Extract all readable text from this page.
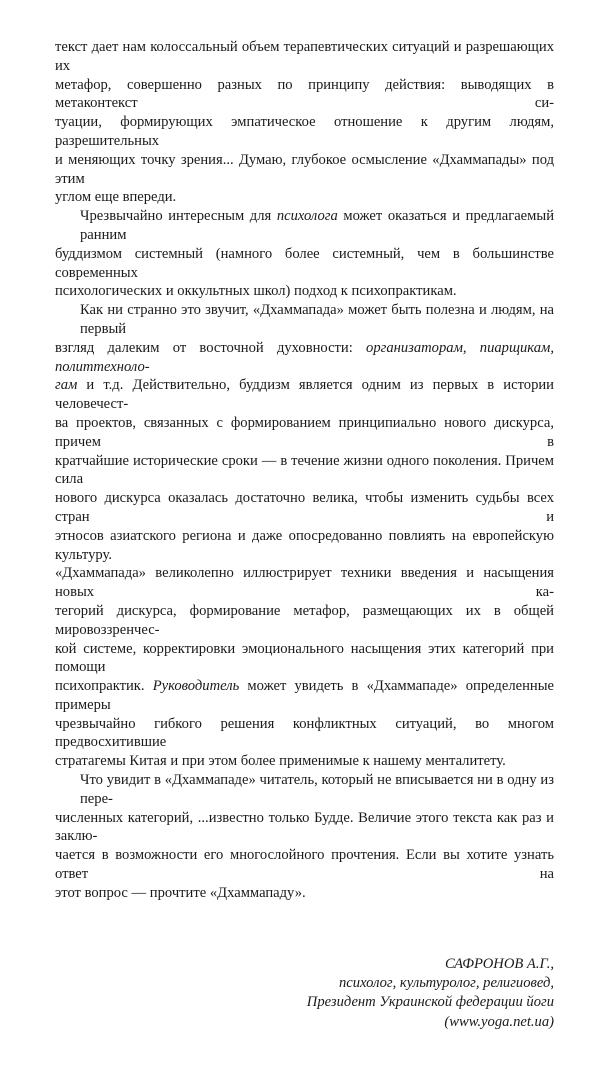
текст дает нам колоссальный объем терапевтических ситуаций и разрешающих их
метафор, совершенно разных по принципу действия: выводящих в метаконтекст си-
туации, формирующих эмпатическое отношение к другим людям, разрешительных
и меняющих точку зрения... Думаю, глубокое осмысление «Дхаммапады» под этим
углом еще впереди.
Чрезвычайно интересным для психолога может оказаться и предлагаемый ранним
буддизмом системный (намного более системный, чем в большинстве современных
психологических и оккультных школ) подход к психопрактикам.
Как ни странно это звучит, «Дхаммапада» может быть полезна и людям, на первый
взгляд далеким от восточной духовности: организаторам, пиарщикам, политтехноло-
гам и т.д. Действительно, буддизм является одним из первых в истории человечест-
ва проектов, связанных с формированием принципиально нового дискурса, причем в
кратчайшие исторические сроки — в течение жизни одного поколения. Причем сила
нового дискурса оказалась достаточно велика, чтобы изменить судьбы всех стран и
этносов азиатского региона и даже опосредованно повлиять на европейскую культуру.
«Дхаммапада» великолепно иллюстрирует техники введения и насыщения новых ка-
тегорий дискурса, формирование метафор, размещающих их в общей мировоззренчес-
кой системе, корректировки эмоционального насыщения этих категорий при помощи
психопрактик. Руководитель может увидеть в «Дхаммападе» определенные примеры
чрезвычайно гибкого решения конфликтных ситуаций, во многом предвосхитившие
стратагемы Китая и при этом более применимые к нашему менталитету.
Что увидит в «Дхаммападе» читатель, который не вписывается ни в одну из пере-
численных категорий, ...известно только Будде. Величие этого текста как раз и заклю-
чается в возможности его многослойного прочтения. Если вы хотите узнать ответ на
этот вопрос — прочтите «Дхаммападу».
САФРОНОВ А.Г.,
психолог, культуролог, религиовед,
Президент Украинской федерации йоги
(www.yoga.net.ua)
